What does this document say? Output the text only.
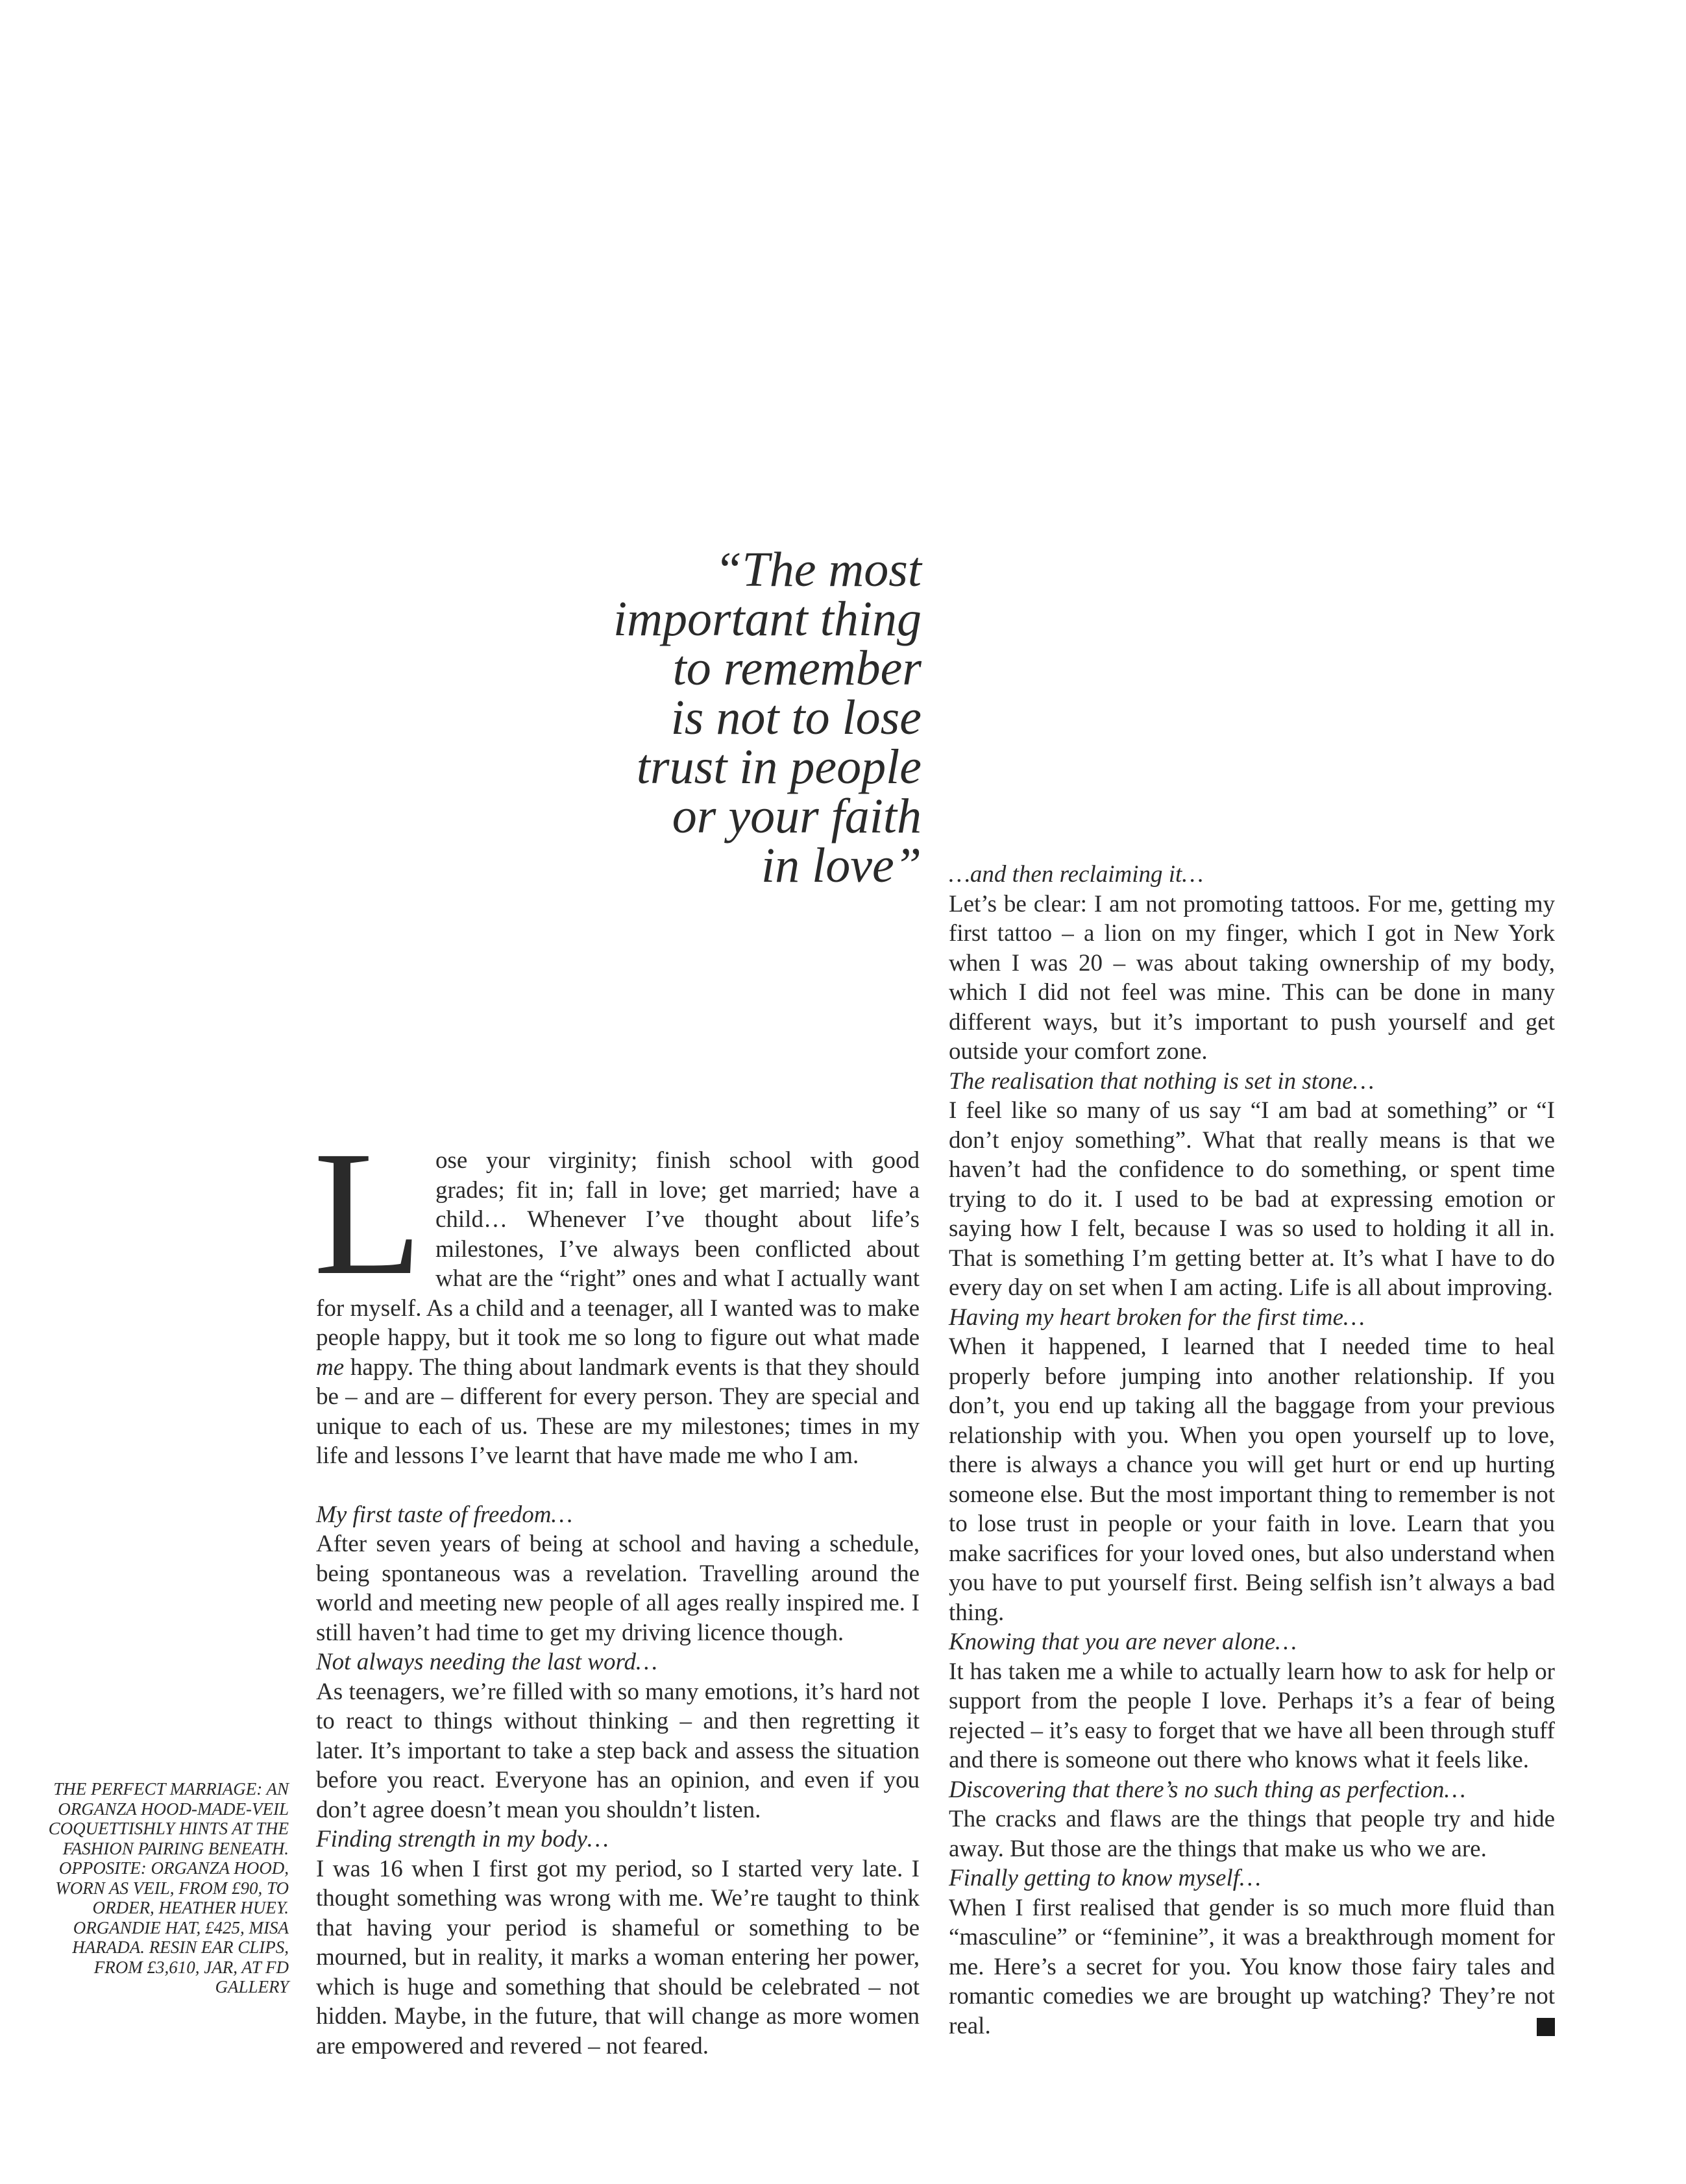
“The most
important thing
to remember
is not to lose
trust in people
or your faith
in love”

Lose your virginity; finish school with good grades; fit in; fall in love; get married; have a child… Whenever I’ve thought about life’s milestones, I’ve always been conflicted about what are the “right” ones and what I actually want for myself. As a child and a teenager, all I wanted was to make people happy, but it took me so long to figure out what made me happy. The thing about landmark events is that they should be – and are – different for every person. They are special and unique to each of us. These are my milestones; times in my life and lessons I’ve learnt that have made me who I am.

My first taste of freedom…

After seven years of being at school and having a schedule, being spontaneous was a revelation. Travelling around the world and meeting new people of all ages really inspired me. I still haven’t had time to get my driving licence though.

Not always needing the last word…

As teenagers, we’re filled with so many emotions, it’s hard not to react to things without thinking – and then regretting it later. It’s important to take a step back and assess the situation before you react. Everyone has an opinion, and even if you don’t agree doesn’t mean you shouldn’t listen.

Finding strength in my body…

I was 16 when I first got my period, so I started very late. I thought something was wrong with me. We’re taught to think that having your period is shameful or something to be mourned, but in reality, it marks a woman entering her power, which is huge and something that should be celebrated – not hidden. Maybe, in the future, that will change as more women are empowered and revered – not feared.

…and then reclaiming it…

Let’s be clear: I am not promoting tattoos. For me, getting my first tattoo – a lion on my finger, which I got in New York when I was 20 – was about taking ownership of my body, which I did not feel was mine. This can be done in many different ways, but it’s important to push yourself and get outside your comfort zone.

The realisation that nothing is set in stone…

I feel like so many of us say “I am bad at something” or “I don’t enjoy something”. What that really means is that we haven’t had the confidence to do something, or spent time trying to do it. I used to be bad at expressing emotion or saying how I felt, because I was so used to holding it all in. That is something I’m getting better at. It’s what I have to do every day on set when I am acting. Life is all about improving.

Having my heart broken for the first time…

When it happened, I learned that I needed time to heal properly before jumping into another relationship. If you don’t, you end up taking all the baggage from your previous relationship with you. When you open yourself up to love, there is always a chance you will get hurt or end up hurting someone else. But the most important thing to remember is not to lose trust in people or your faith in love. Learn that you make sacrifices for your loved ones, but also understand when you have to put yourself first. Being selfish isn’t always a bad thing.

Knowing that you are never alone…

It has taken me a while to actually learn how to ask for help or support from the people I love. Perhaps it’s a fear of being rejected – it’s easy to forget that we have all been through stuff and there is someone out there who knows what it feels like.

Discovering that there’s no such thing as perfection…

The cracks and flaws are the things that people try and hide away. But those are the things that make us who we are.

Finally getting to know myself…

When I first realised that gender is so much more fluid than “masculine” or “feminine”, it was a breakthrough moment for me. Here’s a secret for you. You know those fairy tales and romantic comedies we are brought up watching? They’re not real.

THE PERFECT MARRIAGE: AN ORGANZA HOOD-MADE-VEIL COQUETTISHLY HINTS AT THE FASHION PAIRING BENEATH. OPPOSITE: ORGANZA HOOD, WORN AS VEIL, FROM £90, TO ORDER, HEATHER HUEY. ORGANDIE HAT, £425, MISA HARADA. RESIN EAR CLIPS, FROM £3,610, JAR, AT FD GALLERY
